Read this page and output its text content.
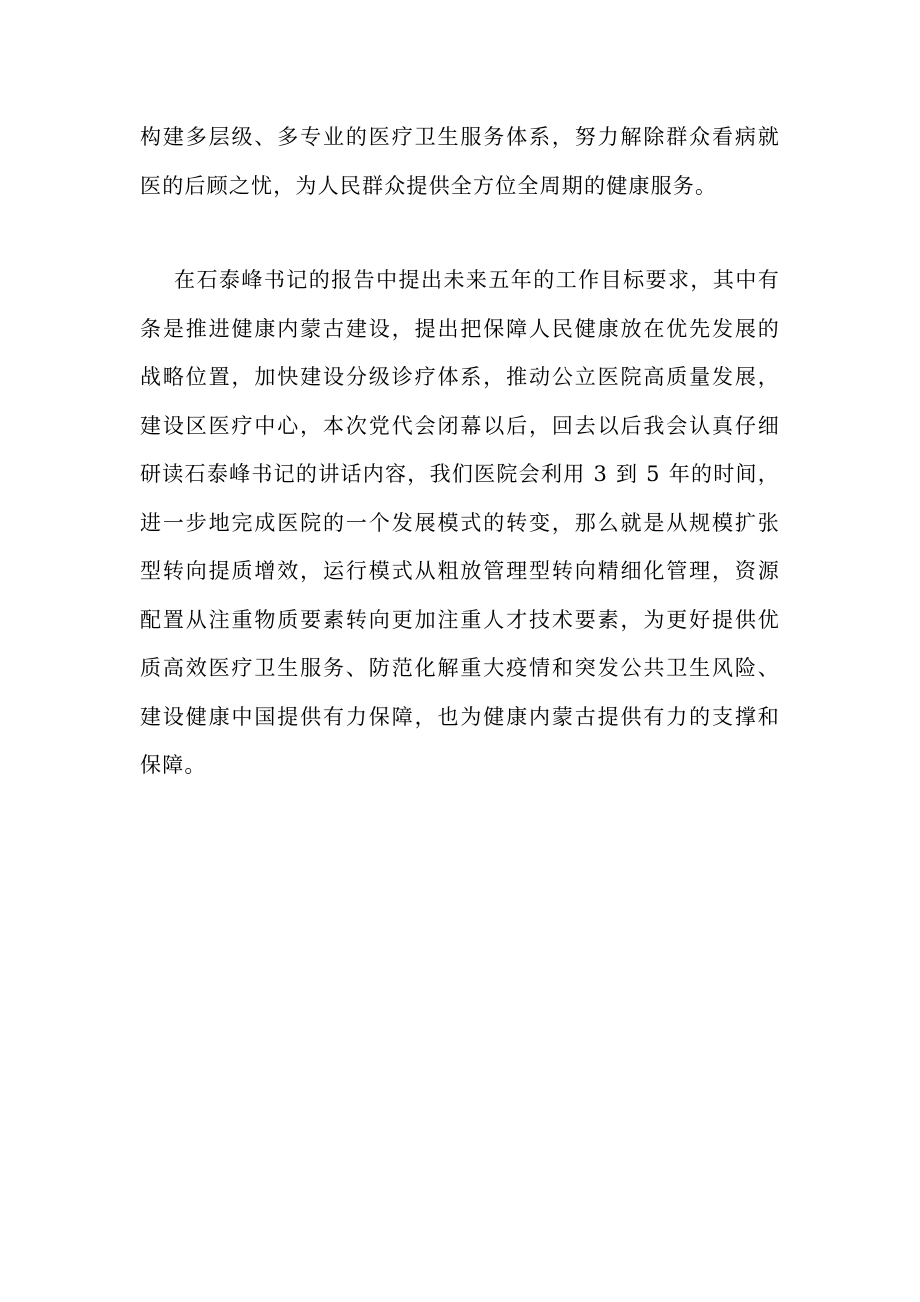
构建多层级、多专业的医疗卫生服务体系，努力解除群众看病就医的后顾之忧，为人民群众提供全方位全周期的健康服务。

在石泰峰书记的报告中提出未来五年的工作目标要求，其中有条是推进健康内蒙古建设，提出把保障人民健康放在优先发展的战略位置，加快建设分级诊疗体系，推动公立医院高质量发展，建设区医疗中心，本次党代会闭幕以后，回去以后我会认真仔细研读石泰峰书记的讲话内容，我们医院会利用 3 到 5 年的时间，进一步地完成医院的一个发展模式的转变，那么就是从规模扩张型转向提质增效，运行模式从粗放管理型转向精细化管理，资源配置从注重物质要素转向更加注重人才技术要素，为更好提供优质高效医疗卫生服务、防范化解重大疫情和突发公共卫生风险、建设健康中国提供有力保障，也为健康内蒙古提供有力的支撑和保障。
